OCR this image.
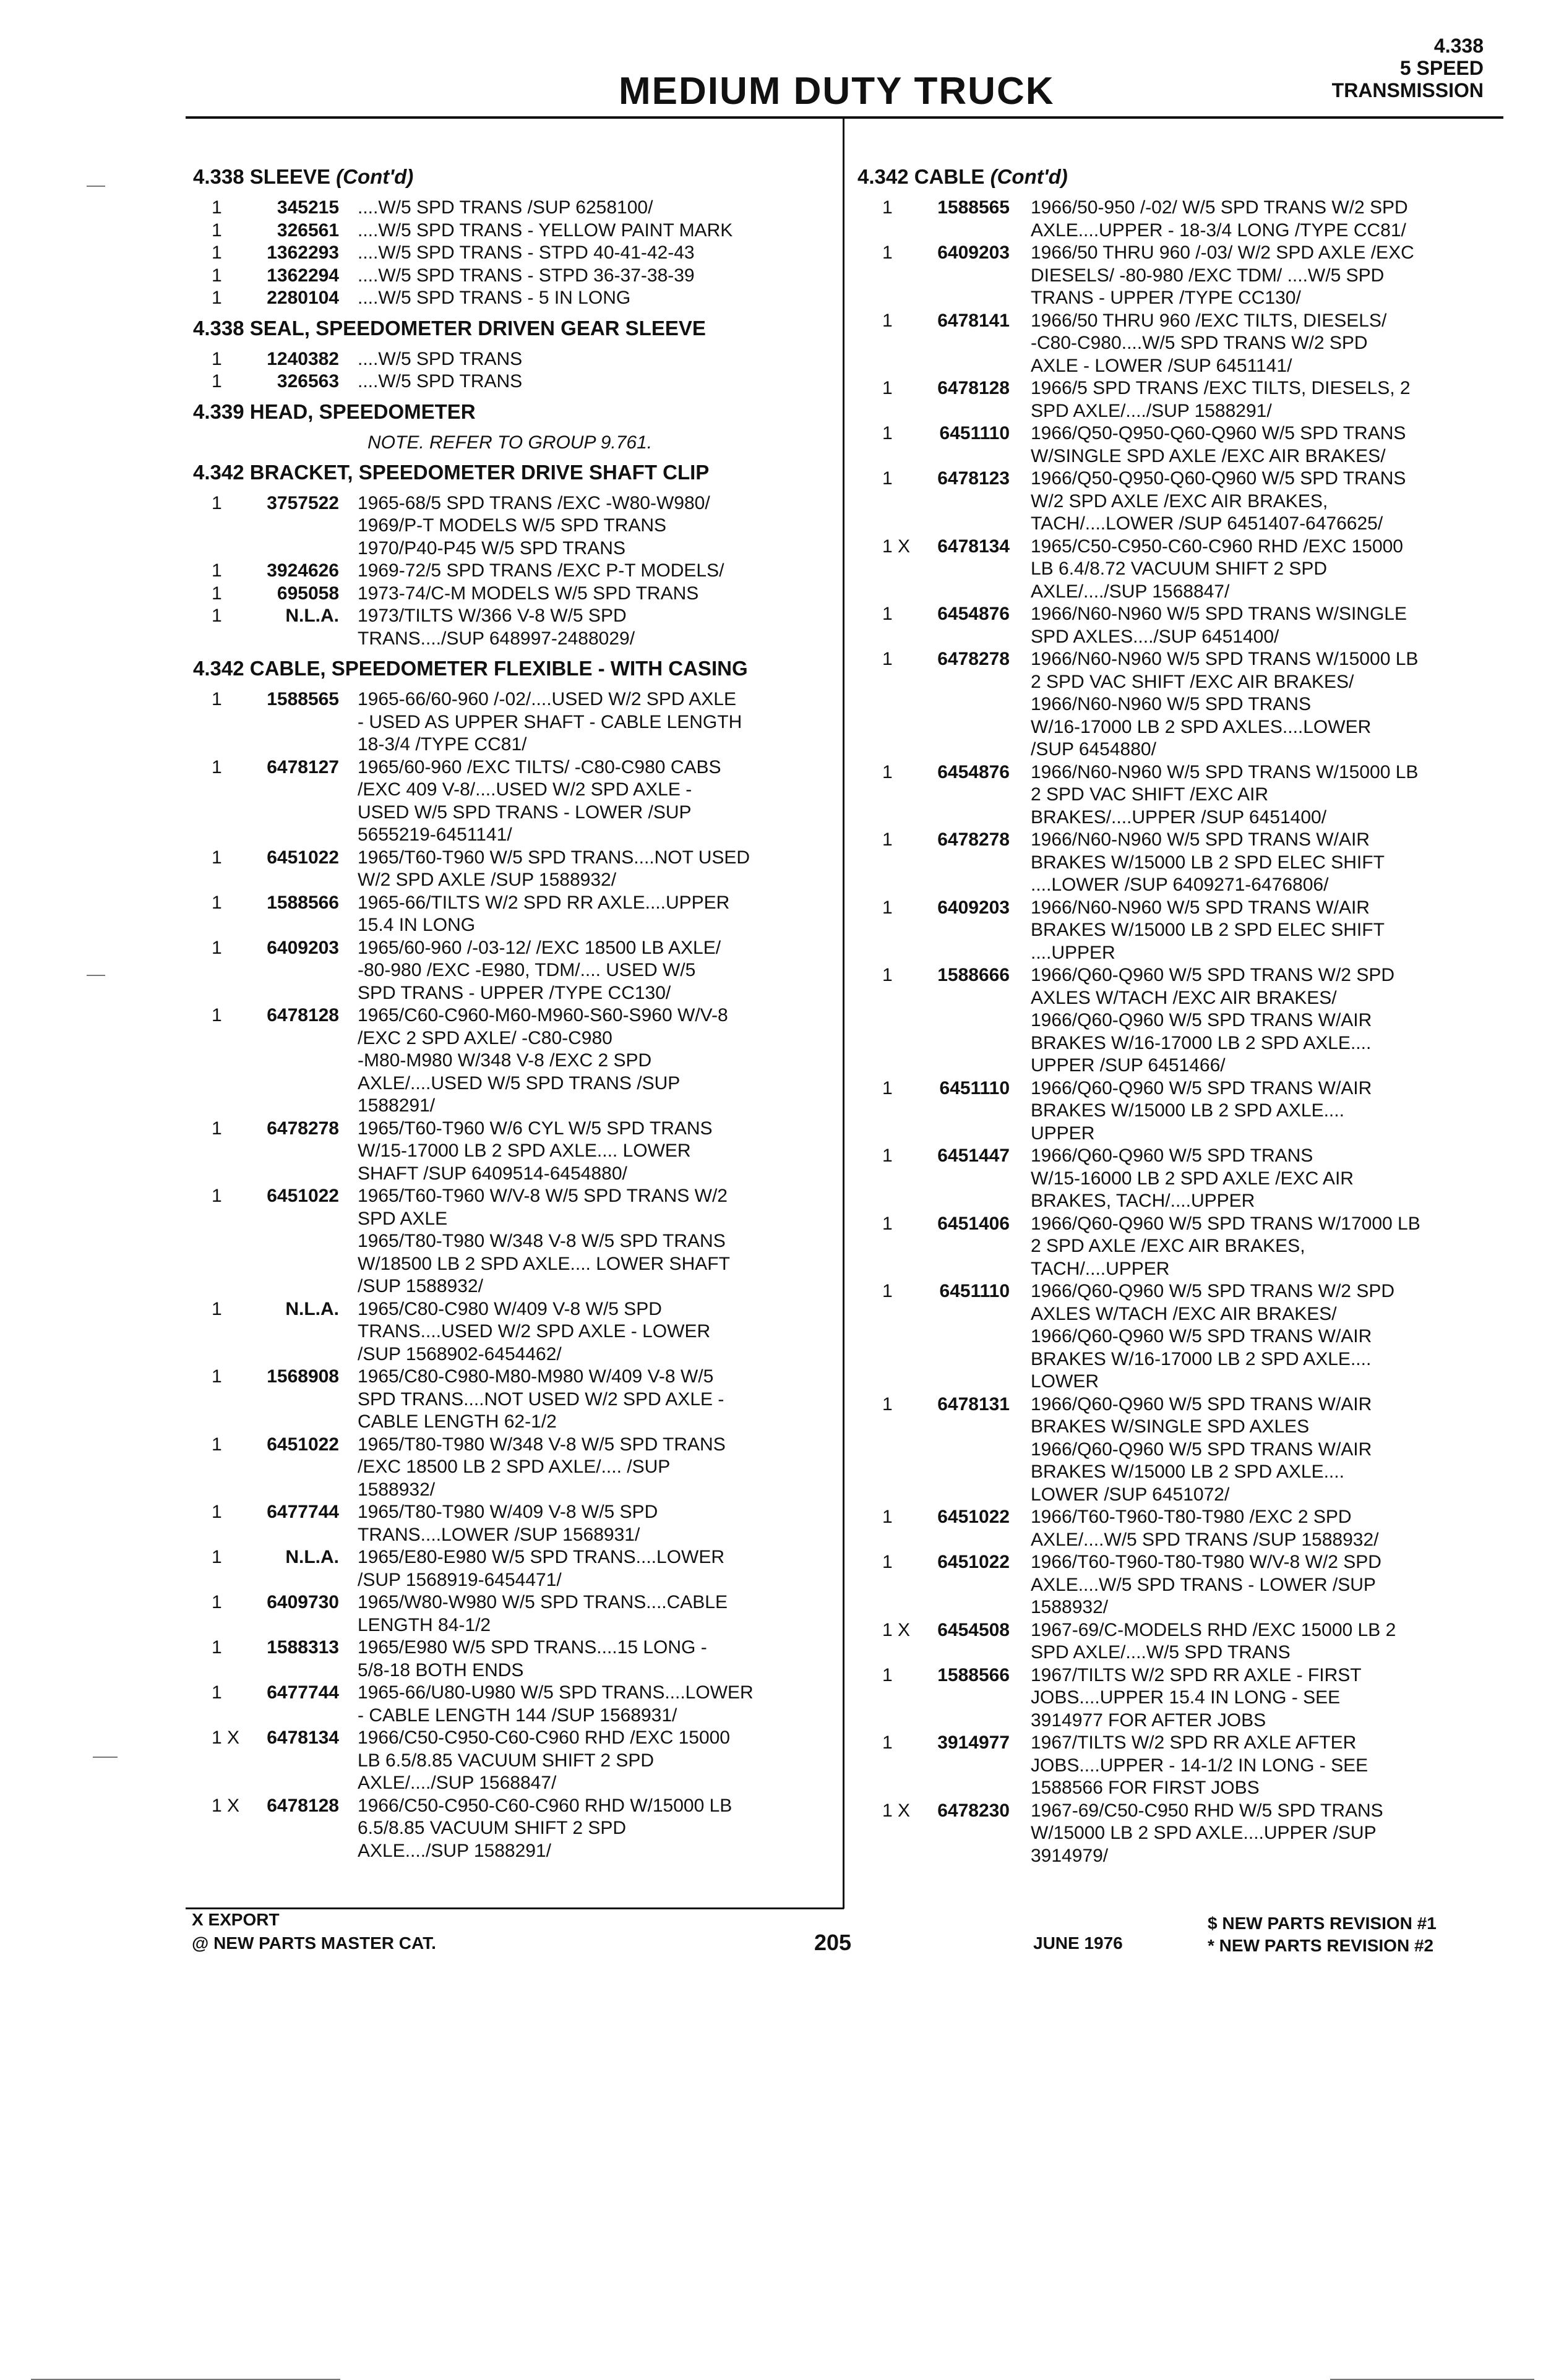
MEDIUM DUTY TRUCK
4.338
5 SPEED
TRANSMISSION
4.338 SLEEVE (Cont'd)
1	345215	....W/5 SPD TRANS /SUP 6258100/
1	326561	....W/5 SPD TRANS - YELLOW PAINT MARK
1	1362293	....W/5 SPD TRANS - STPD 40-41-42-43
1	1362294	....W/5 SPD TRANS - STPD 36-37-38-39
1	2280104	....W/5 SPD TRANS - 5 IN LONG
4.338 SEAL, SPEEDOMETER DRIVEN GEAR SLEEVE
1	1240382	....W/5 SPD TRANS
1	326563	....W/5 SPD TRANS
4.339 HEAD, SPEEDOMETER
NOTE. REFER TO GROUP 9.761.
4.342 BRACKET, SPEEDOMETER DRIVE SHAFT CLIP
1	3757522	1965-68/5 SPD TRANS /EXC -W80-W980/
1969/P-T MODELS W/5 SPD TRANS
1970/P40-P45 W/5 SPD TRANS
1	3924626	1969-72/5 SPD TRANS /EXC P-T MODELS/
1	695058	1973-74/C-M MODELS W/5 SPD TRANS
1	N.L.A.	1973/TILTS W/366 V-8 W/5 SPD
TRANS..../SUP 648997-2488029/
4.342 CABLE, SPEEDOMETER FLEXIBLE - WITH CASING
1	1588565	1965-66/60-960 /-02/....USED W/2 SPD AXLE
- USED AS UPPER SHAFT - CABLE LENGTH
18-3/4 /TYPE CC81/
1	6478127	1965/60-960 /EXC TILTS/ -C80-C980 CABS
/EXC 409 V-8/....USED W/2 SPD AXLE -
USED W/5 SPD TRANS - LOWER /SUP
5655219-6451141/
1	6451022	1965/T60-T960 W/5 SPD TRANS....NOT USED
W/2 SPD AXLE /SUP 1588932/
1	1588566	1965-66/TILTS W/2 SPD RR AXLE....UPPER
15.4 IN LONG
1	6409203	1965/60-960 /-03-12/ /EXC 18500 LB AXLE/
-80-980 /EXC -E980, TDM/.... USED W/5
SPD TRANS - UPPER /TYPE CC130/
1	6478128	1965/C60-C960-M60-M960-S60-S960 W/V-8
/EXC 2 SPD AXLE/ -C80-C980
-M80-M980 W/348 V-8 /EXC 2 SPD
AXLE/....USED W/5 SPD TRANS /SUP
1588291/
1	6478278	1965/T60-T960 W/6 CYL W/5 SPD TRANS
W/15-17000 LB 2 SPD AXLE.... LOWER
SHAFT /SUP 6409514-6454880/
1	6451022	1965/T60-T960 W/V-8 W/5 SPD TRANS W/2
SPD AXLE
1965/T80-T980 W/348 V-8 W/5 SPD TRANS
W/18500 LB 2 SPD AXLE.... LOWER SHAFT
/SUP 1588932/
1	N.L.A.	1965/C80-C980 W/409 V-8 W/5 SPD
TRANS....USED W/2 SPD AXLE - LOWER
/SUP 1568902-6454462/
1	1568908	1965/C80-C980-M80-M980 W/409 V-8 W/5
SPD TRANS....NOT USED W/2 SPD AXLE -
CABLE LENGTH 62-1/2
1	6451022	1965/T80-T980 W/348 V-8 W/5 SPD TRANS
/EXC 18500 LB 2 SPD AXLE/.... /SUP
1588932/
1	6477744	1965/T80-T980 W/409 V-8 W/5 SPD
TRANS....LOWER /SUP 1568931/
1	N.L.A.	1965/E80-E980 W/5 SPD TRANS....LOWER
/SUP 1568919-6454471/
1	6409730	1965/W80-W980 W/5 SPD TRANS....CABLE
LENGTH 84-1/2
1	1588313	1965/E980 W/5 SPD TRANS....15 LONG -
5/8-18 BOTH ENDS
1	6477744	1965-66/U80-U980 W/5 SPD TRANS....LOWER
- CABLE LENGTH 144 /SUP 1568931/
1 X	6478134	1966/C50-C950-C60-C960 RHD /EXC 15000
LB 6.5/8.85 VACUUM SHIFT 2 SPD
AXLE/..../SUP 1568847/
1 X	6478128	1966/C50-C950-C60-C960 RHD W/15000 LB
6.5/8.85 VACUUM SHIFT 2 SPD
AXLE..../SUP 1588291/
4.342 CABLE (Cont'd)
1	1588565	1966/50-950 /-02/ W/5 SPD TRANS W/2 SPD
AXLE....UPPER - 18-3/4 LONG /TYPE CC81/
1	6409203	1966/50 THRU 960 /-03/ W/2 SPD AXLE /EXC
DIESELS/ -80-980 /EXC TDM/ ....W/5 SPD
TRANS - UPPER /TYPE CC130/
1	6478141	1966/50 THRU 960 /EXC TILTS, DIESELS/
-C80-C980....W/5 SPD TRANS W/2 SPD
AXLE - LOWER /SUP 6451141/
1	6478128	1966/5 SPD TRANS /EXC TILTS, DIESELS, 2
SPD AXLE/..../SUP 1588291/
1	6451110	1966/Q50-Q950-Q60-Q960 W/5 SPD TRANS
W/SINGLE SPD AXLE /EXC AIR BRAKES/
1	6478123	1966/Q50-Q950-Q60-Q960 W/5 SPD TRANS
W/2 SPD AXLE /EXC AIR BRAKES,
TACH/....LOWER /SUP 6451407-6476625/
1 X	6478134	1965/C50-C950-C60-C960 RHD /EXC 15000
LB 6.4/8.72 VACUUM SHIFT 2 SPD
AXLE/..../SUP 1568847/
1	6454876	1966/N60-N960 W/5 SPD TRANS W/SINGLE
SPD AXLES..../SUP 6451400/
1	6478278	1966/N60-N960 W/5 SPD TRANS W/15000 LB
2 SPD VAC SHIFT /EXC AIR BRAKES/
1966/N60-N960 W/5 SPD TRANS
W/16-17000 LB 2 SPD AXLES....LOWER
/SUP 6454880/
1	6454876	1966/N60-N960 W/5 SPD TRANS W/15000 LB
2 SPD VAC SHIFT /EXC AIR
BRAKES/....UPPER /SUP 6451400/
1	6478278	1966/N60-N960 W/5 SPD TRANS W/AIR
BRAKES W/15000 LB 2 SPD ELEC SHIFT
....LOWER /SUP 6409271-6476806/
1	6409203	1966/N60-N960 W/5 SPD TRANS W/AIR
BRAKES W/15000 LB 2 SPD ELEC SHIFT
....UPPER
1	1588666	1966/Q60-Q960 W/5 SPD TRANS W/2 SPD
AXLES W/TACH /EXC AIR BRAKES/
1966/Q60-Q960 W/5 SPD TRANS W/AIR
BRAKES W/16-17000 LB 2 SPD AXLE....
UPPER /SUP 6451466/
1	6451110	1966/Q60-Q960 W/5 SPD TRANS W/AIR
BRAKES W/15000 LB 2 SPD AXLE....
UPPER
1	6451447	1966/Q60-Q960 W/5 SPD TRANS
W/15-16000 LB 2 SPD AXLE /EXC AIR
BRAKES, TACH/....UPPER
1	6451406	1966/Q60-Q960 W/5 SPD TRANS W/17000 LB
2 SPD AXLE /EXC AIR BRAKES,
TACH/....UPPER
1	6451110	1966/Q60-Q960 W/5 SPD TRANS W/2 SPD
AXLES W/TACH /EXC AIR BRAKES/
1966/Q60-Q960 W/5 SPD TRANS W/AIR
BRAKES W/16-17000 LB 2 SPD AXLE....
LOWER
1	6478131	1966/Q60-Q960 W/5 SPD TRANS W/AIR
BRAKES W/SINGLE SPD AXLES
1966/Q60-Q960 W/5 SPD TRANS W/AIR
BRAKES W/15000 LB 2 SPD AXLE....
LOWER /SUP 6451072/
1	6451022	1966/T60-T960-T80-T980 /EXC 2 SPD
AXLE/....W/5 SPD TRANS /SUP 1588932/
1	6451022	1966/T60-T960-T80-T980 W/V-8 W/2 SPD
AXLE....W/5 SPD TRANS - LOWER /SUP
1588932/
1 X	6454508	1967-69/C-MODELS RHD /EXC 15000 LB 2
SPD AXLE/....W/5 SPD TRANS
1	1588566	1967/TILTS W/2 SPD RR AXLE - FIRST
JOBS....UPPER 15.4 IN LONG - SEE
3914977 FOR AFTER JOBS
1	3914977	1967/TILTS W/2 SPD RR AXLE AFTER
JOBS....UPPER - 14-1/2 IN LONG - SEE
1588566 FOR FIRST JOBS
1 X	6478230	1967-69/C50-C950 RHD W/5 SPD TRANS
W/15000 LB 2 SPD AXLE....UPPER /SUP
3914979/
X EXPORT
@ NEW PARTS MASTER CAT.	205	JUNE 1976
$ NEW PARTS REVISION #1
* NEW PARTS REVISION #2
